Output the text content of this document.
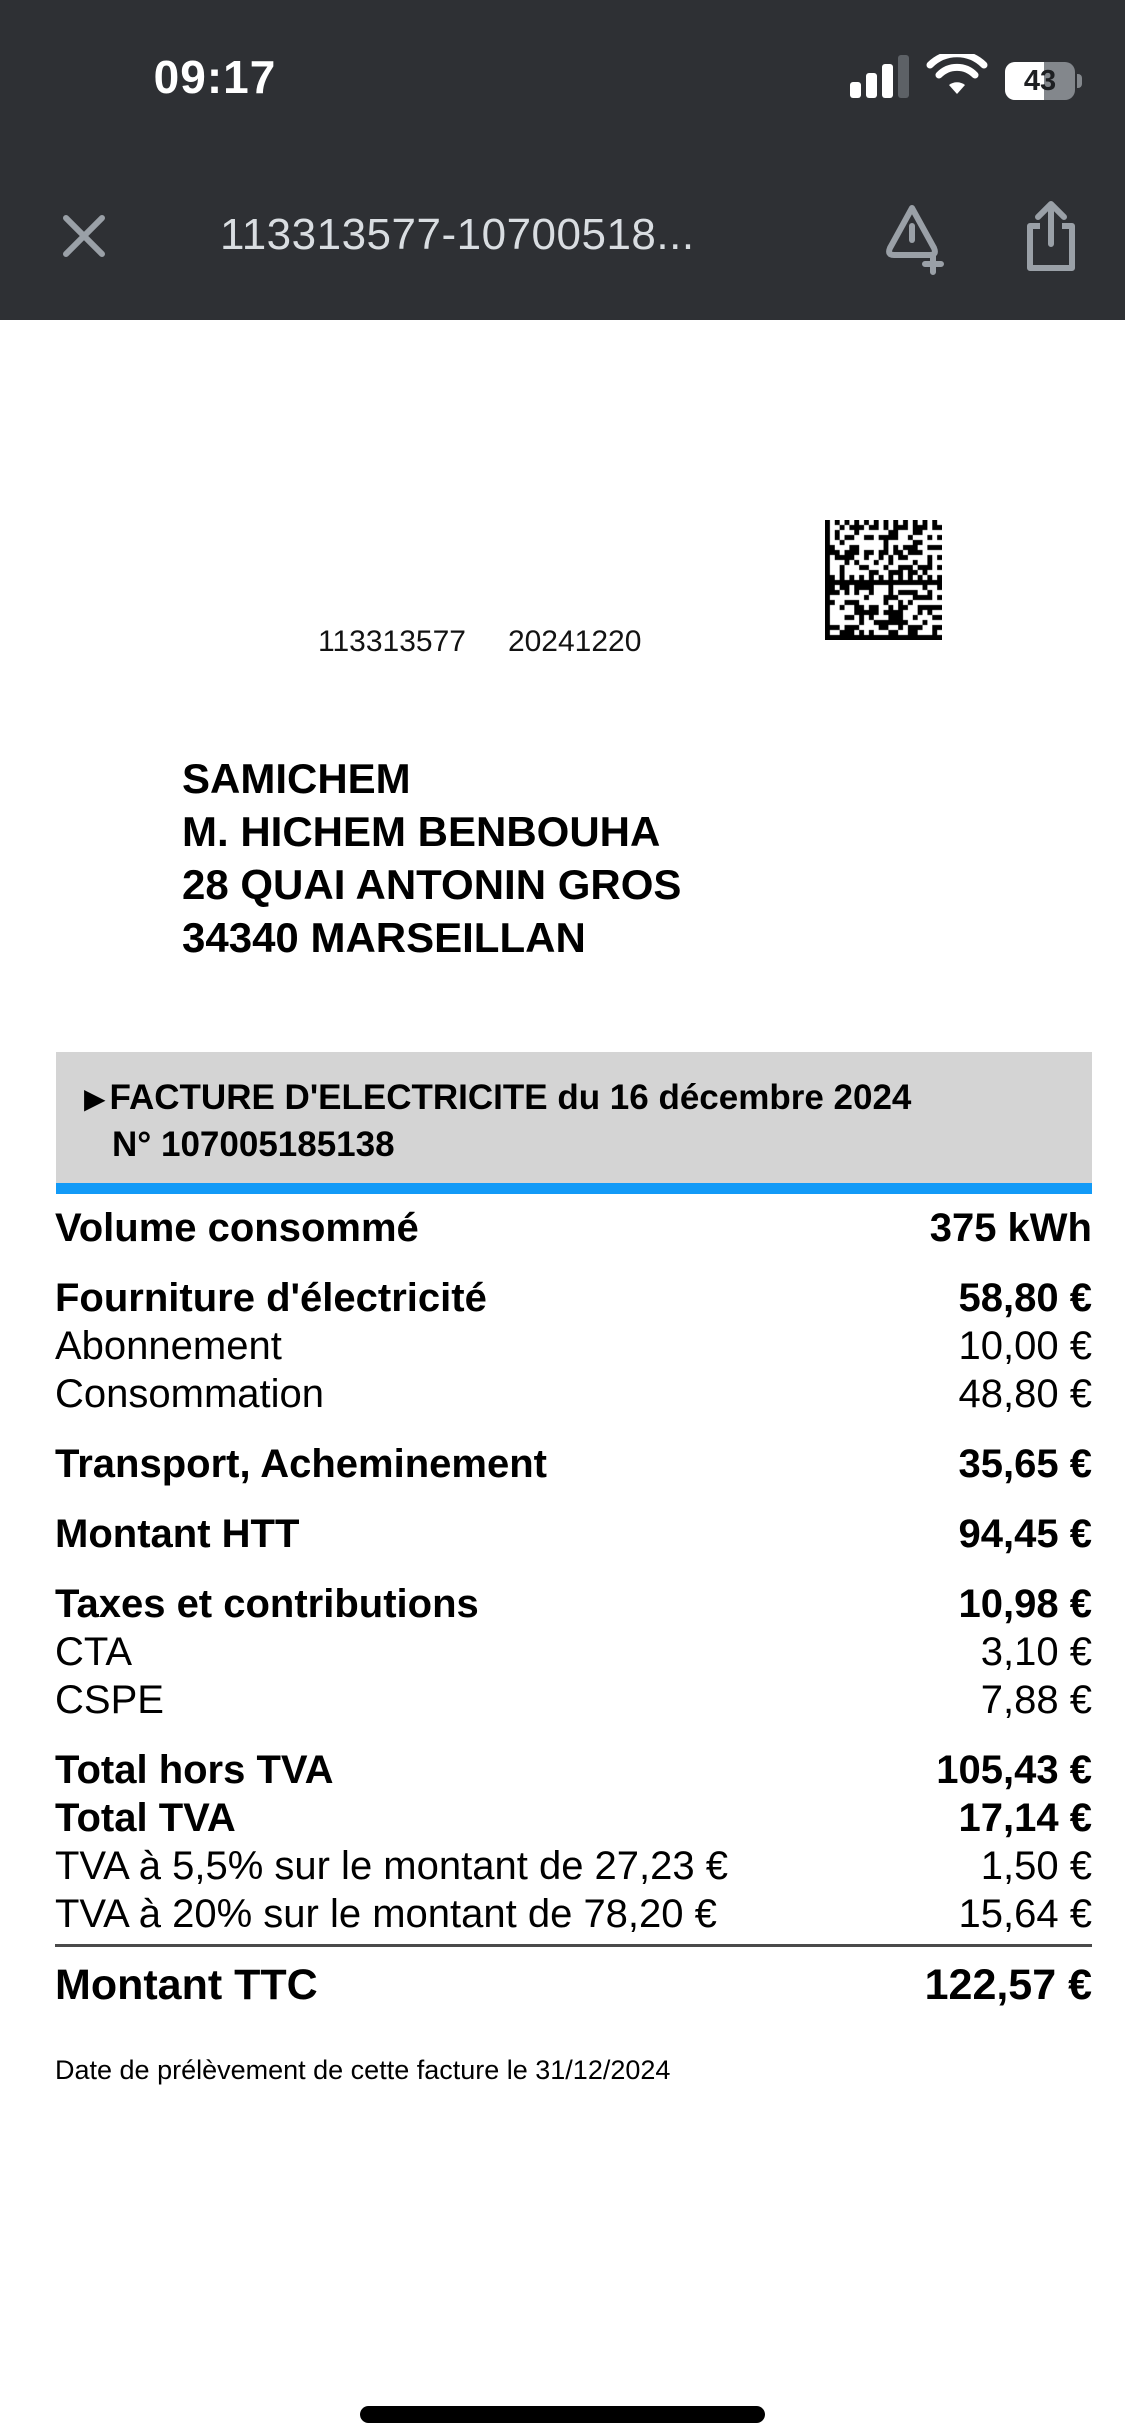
09:17	43
113313577-10700518...
113313577 20241220
SAMICHEM
M. HICHEM BENBOUHA
28 QUAI ANTONIN GROS
34340 MARSEILLAN
▶ FACTURE D'ELECTRICITE du 16 décembre 2024
N° 107005185138
Volume consommé	375 kWh
Fourniture d'électricité	58,80 €
Abonnement	10,00 €
Consommation	48,80 €
Transport, Acheminement	35,65 €
Montant HTT	94,45 €
Taxes et contributions	10,98 €
CTA	3,10 €
CSPE	7,88 €
Total hors TVA	105,43 €
Total TVA	17,14 €
TVA à 5,5% sur le montant de 27,23 €	1,50 €
TVA à 20% sur le montant de 78,20 €	15,64 €
Montant TTC	122,57 €
Date de prélèvement de cette facture le 31/12/2024
